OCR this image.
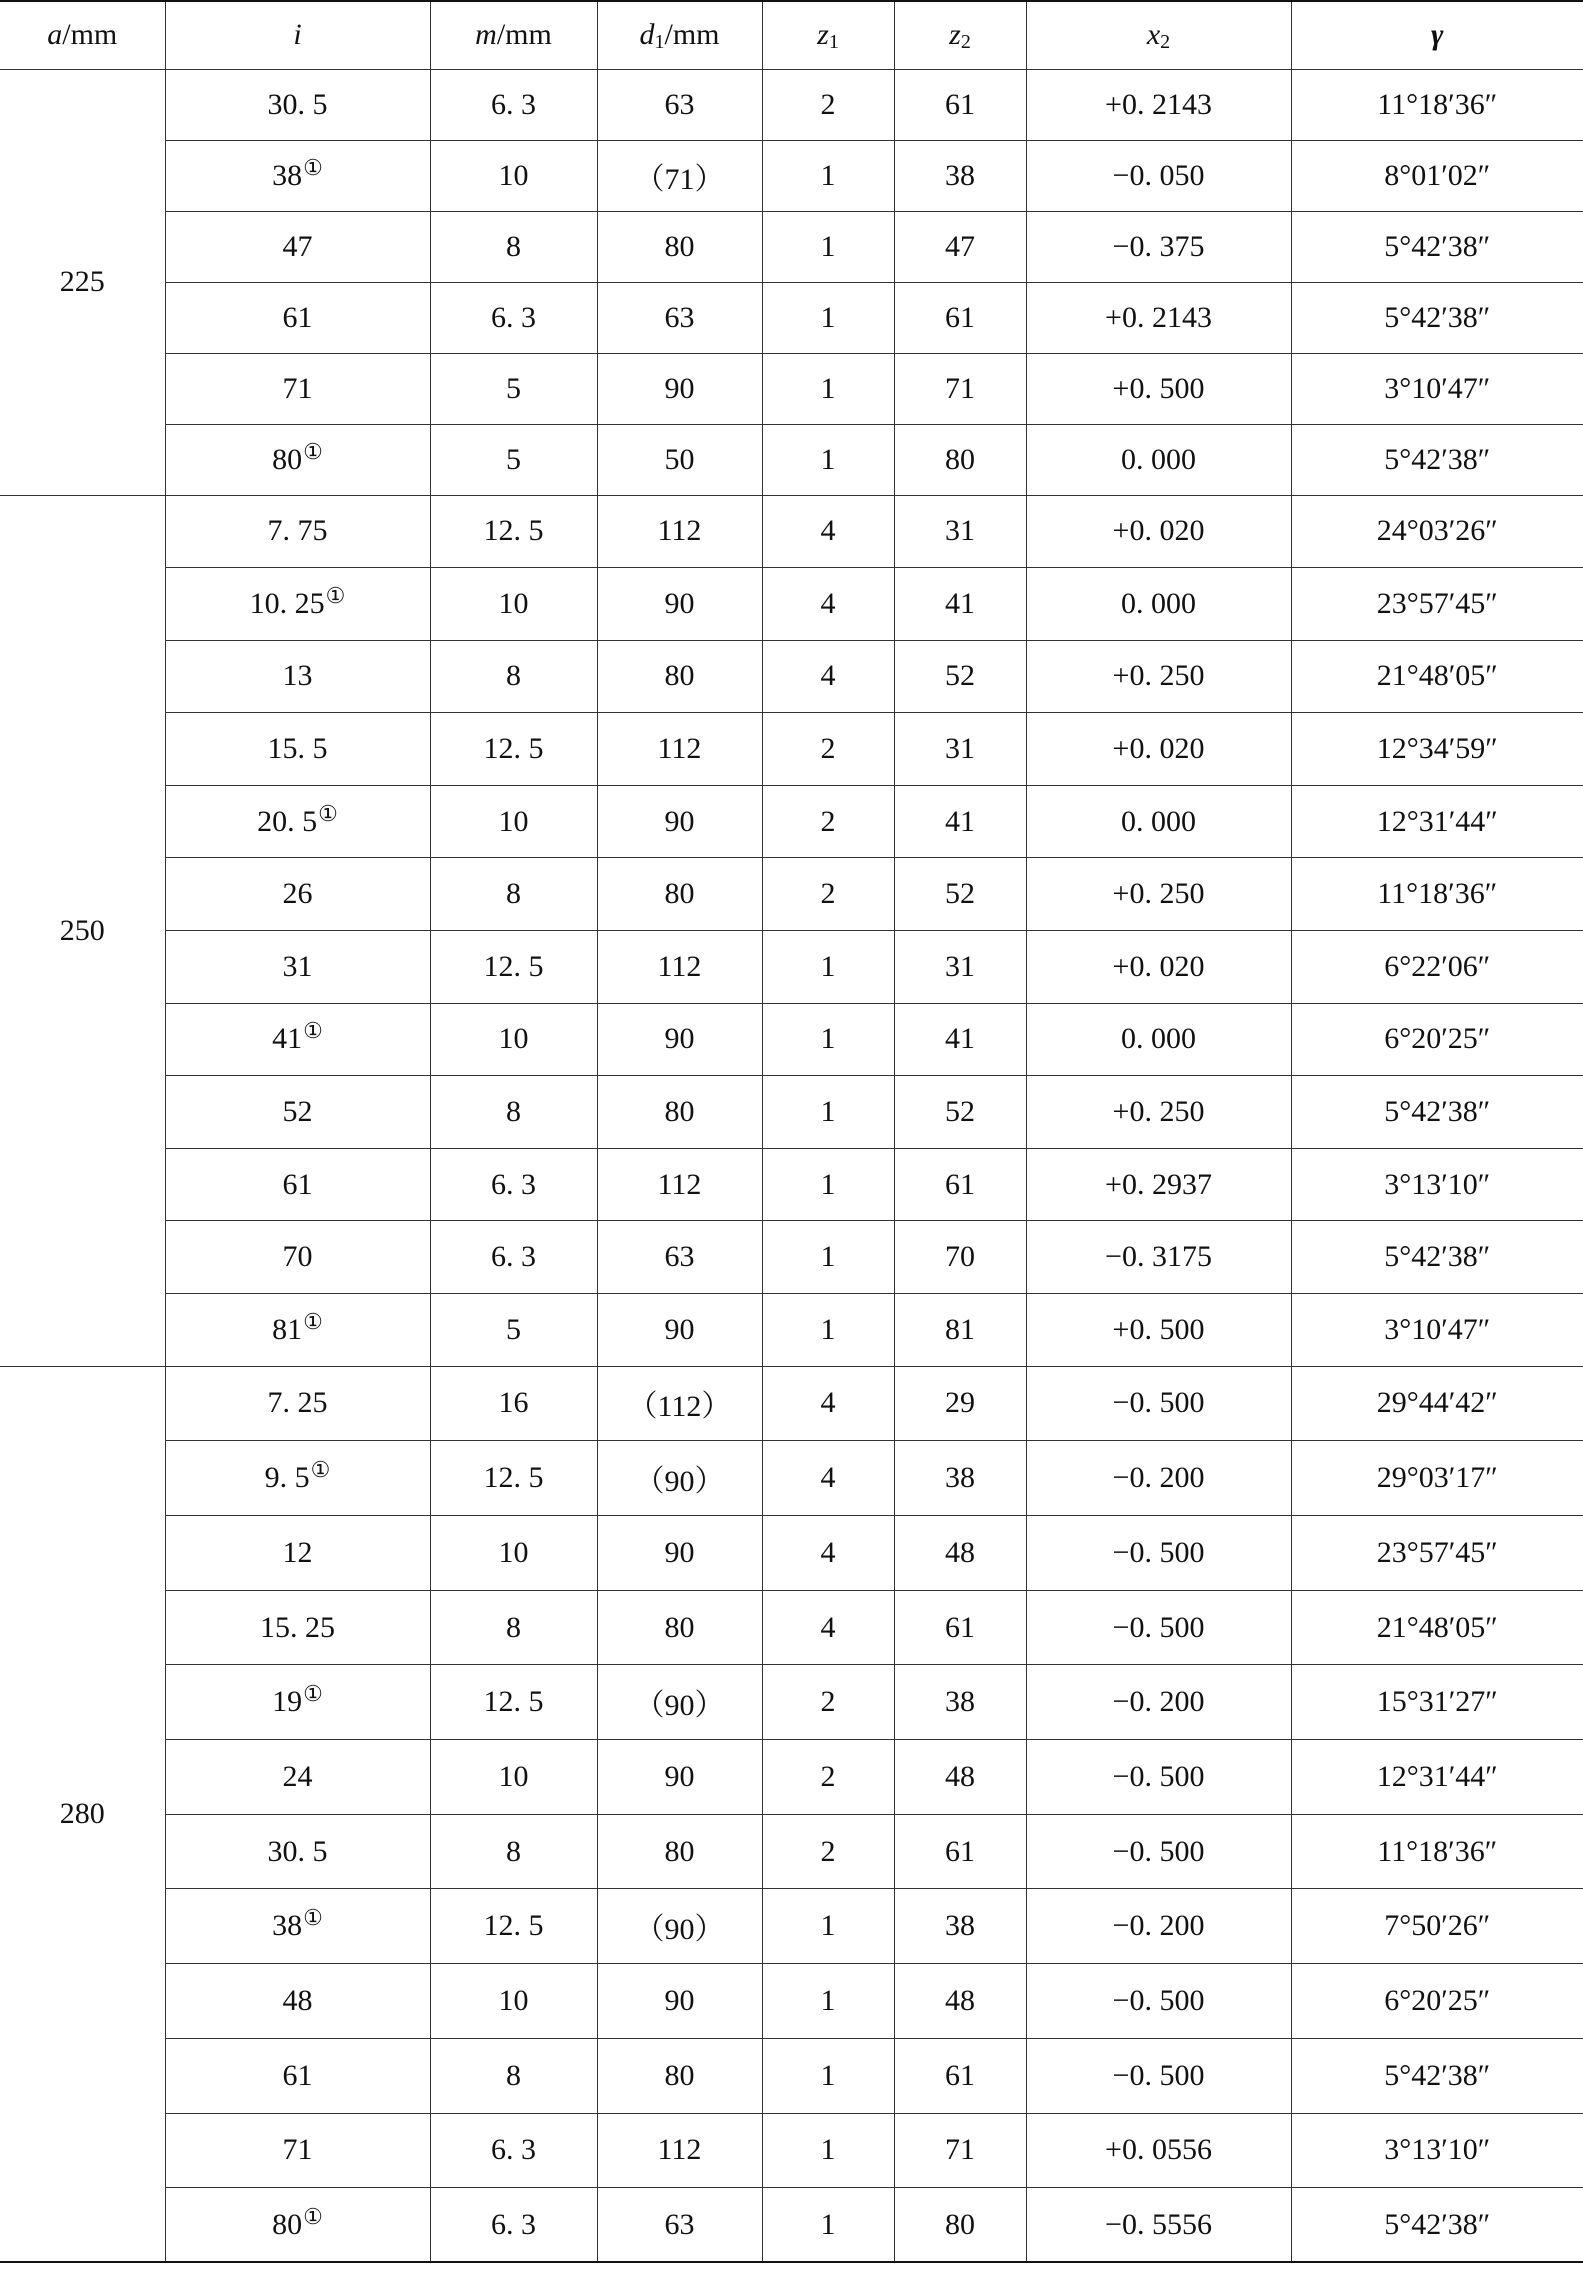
a/mm	i	m/mm	$d_1/mm$	$z_1$	$z_2$	$x_2$	γ
225	30. 5	6. 3	63	2	61	+0. 2143	11°18′36″
	38①	10	（71）	1	38	−0. 050	8°01′02″
	47	8	80	1	47	−0. 375	5°42′38″
	61	6. 3	63	1	61	+0. 2143	5°42′38″
	71	5	90	1	71	+0. 500	3°10′47″
	80①	5	50	1	80	0. 000	5°42′38″
250	7. 75	12. 5	112	4	31	+0. 020	24°03′26″
	10. 25①	10	90	4	41	0. 000	23°57′45″
	13	8	80	4	52	+0. 250	21°48′05″
	15. 5	12. 5	112	2	31	+0. 020	12°34′59″
	20. 5①	10	90	2	41	0. 000	12°31′44″
	26	8	80	2	52	+0. 250	11°18′36″
	31	12. 5	112	1	31	+0. 020	6°22′06″
	41①	10	90	1	41	0. 000	6°20′25″
	52	8	80	1	52	+0. 250	5°42′38″
	61	6. 3	112	1	61	+0. 2937	3°13′10″
	70	6. 3	63	1	70	−0. 3175	5°42′38″
	81①	5	90	1	81	+0. 500	3°10′47″
280	7. 25	16	（112）	4	29	−0. 500	29°44′42″
	9. 5①	12. 5	（90）	4	38	−0. 200	29°03′17″
	12	10	90	4	48	−0. 500	23°57′45″
	15. 25	8	80	4	61	−0. 500	21°48′05″
	19①	12. 5	（90）	2	38	−0. 200	15°31′27″
	24	10	90	2	48	−0. 500	12°31′44″
	30. 5	8	80	2	61	−0. 500	11°18′36″
	38①	12. 5	（90）	1	38	−0. 200	7°50′26″
	48	10	90	1	48	−0. 500	6°20′25″
	61	8	80	1	61	−0. 500	5°42′38″
	71	6. 3	112	1	71	+0. 0556	3°13′10″
	80①	6. 3	63	1	80	−0. 5556	5°42′38″
